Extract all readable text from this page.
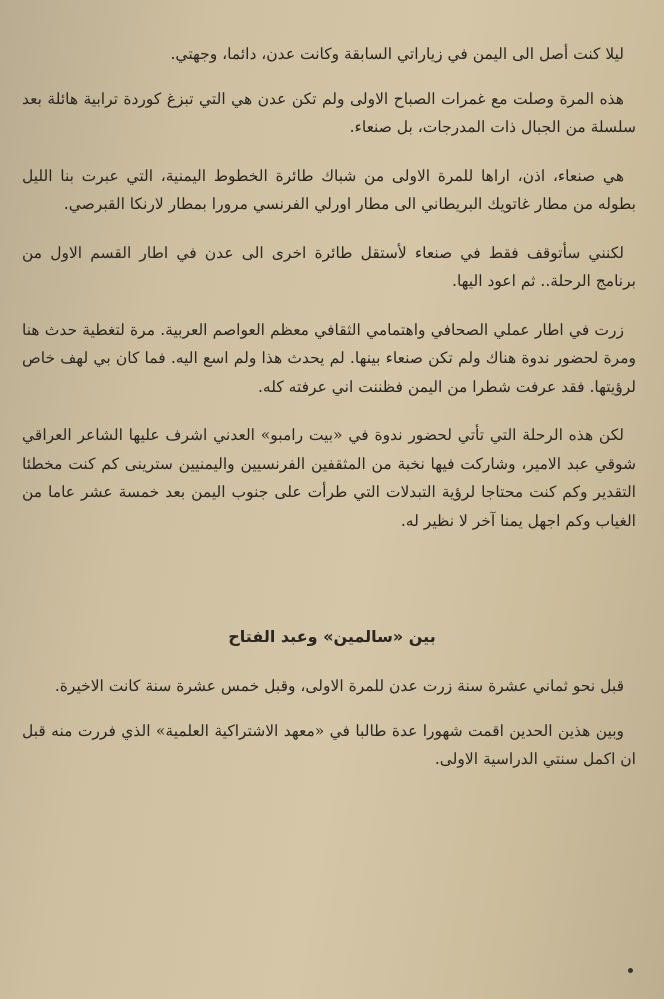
ليلا كنت أصل الى اليمن في زياراتي السابقة وكانت عدن، دائما، وجهتي.

هذه المرة وصلت مع غمرات الصباح الاولى ولم تكن عدن هي التي تبزغ كوردة ترابية هائلة بعد سلسلة من الجبال ذات المدرجات، بل صنعاء.

هي صنعاء، اذن، اراها للمرة الاولى من شباك طائرة الخطوط اليمنية، التي عبرت بنا الليل بطوله من مطار غاتويك البريطاني الى مطار اورلي الفرنسي مرورا بمطار لارنكا القبرصي.

لكنني سأتوقف فقط في صنعاء لأستقل طائرة اخرى الى عدن في اطار القسم الاول من برنامج الرحلة.. ثم اعود اليها.

زرت في اطار عملي الصحافي واهتمامي الثقافي معظم العواصم العربية. مرة لتغطية حدث هنا ومرة لحضور ندوة هناك ولم تكن صنعاء بينها. لم يحدث هذا ولم اسع اليه. فما كان بي لهف خاص لرؤيتها. فقد عرفت شطرا من اليمن فظننت اني عرفته كله.

لكن هذه الرحلة التي تأتي لحضور ندوة في «بيت رامبو» العدني اشرف عليها الشاعر العراقي شوقي عبد الامير، وشاركت فيها نخبة من المثقفين الفرنسيين واليمنيين سترينى كم كنت مخطئا التقدير وكم كنت محتاجا لرؤية التبدلات التي طرأت على جنوب اليمن بعد خمسة عشر عاما من الغياب وكم اجهل يمنا آخر لا نظير له.

بين «سالمين» وعبد الفتاح

قبل نحو ثماني عشرة سنة زرت عدن للمرة الاولى، وقبل خمس عشرة سنة كانت الاخيرة.

وبين هذين الحدين اقمت شهورا عدة طالبا في «معهد الاشتراكية العلمية» الذي فررت منه قبل ان اكمل سنتي الدراسية الاولى.
